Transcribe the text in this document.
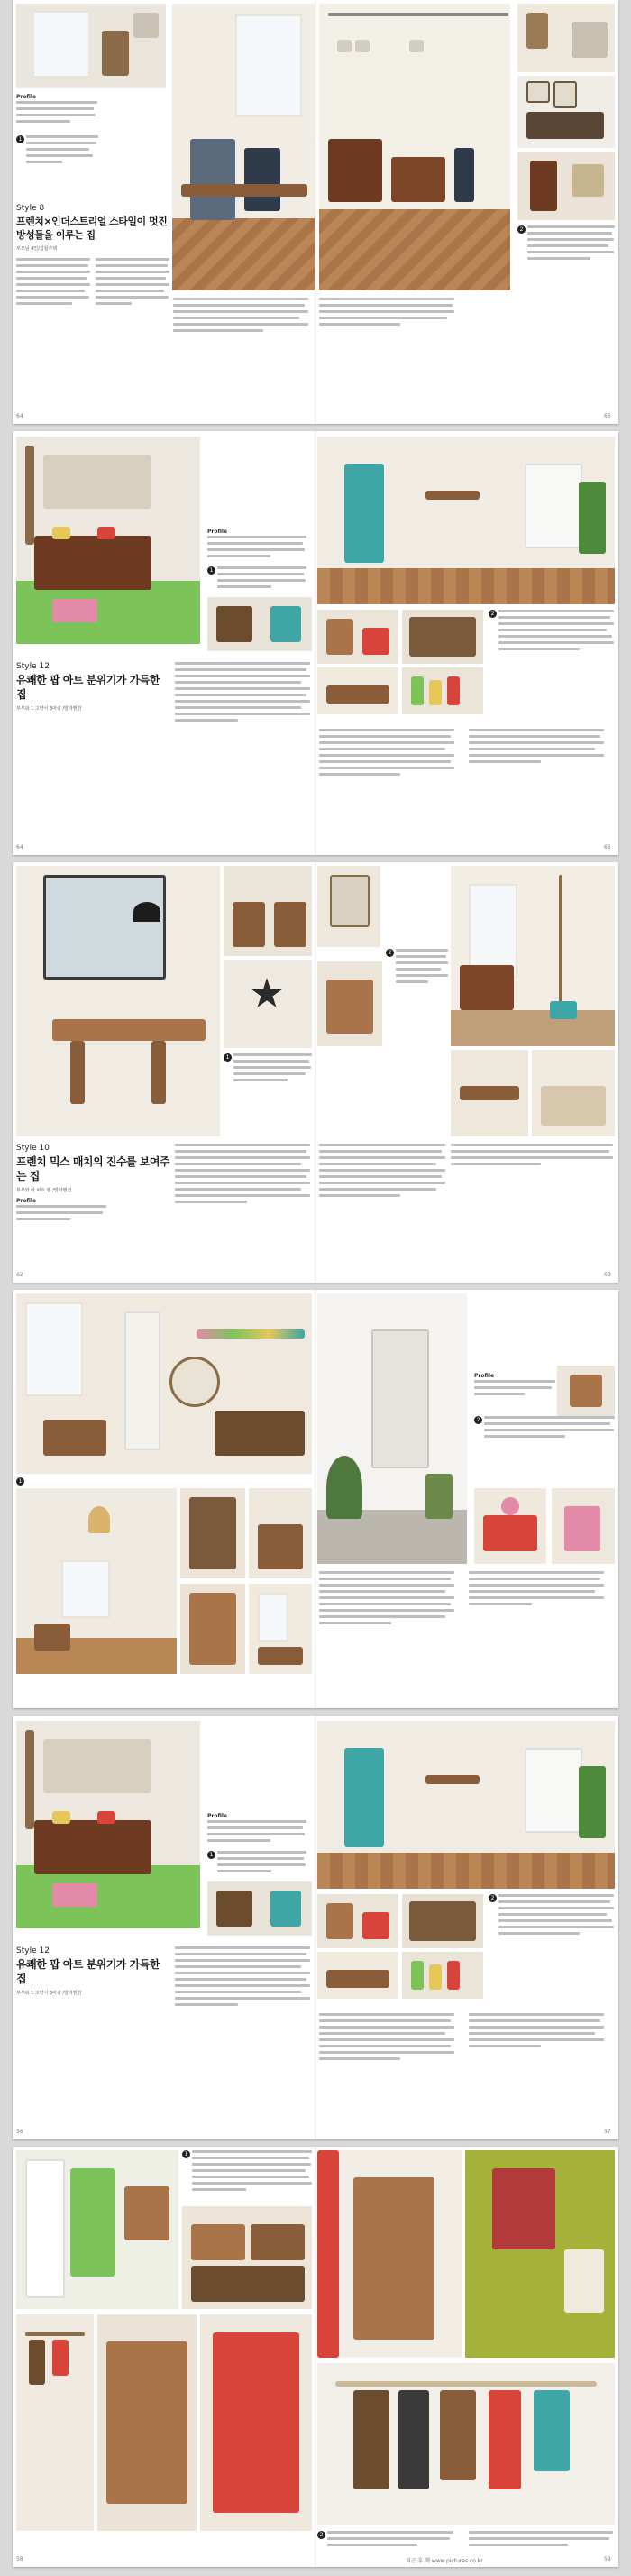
Profile
1
Style 8
프렌치×인더스트리얼 스타일이 멋진 방성들을 이루는 집
부모님 4인/집합주택
64
2
65
Profile
1
Style 12
유쾌한 팝 아트 분위기가 가득한 집
부부와 1 고양이 3마리 /빌라맨션
64
2
65
1
Style 10
프렌치 믹스 매치의 진수를 보여주는 집
부부와 아 파트 맨 /빌라맨션
Profile
62
2
63
1
Profile
2
Profile
1
Style 12
유쾌한 팝 아트 분위기가 가득한 집
부부와 1 고양이 3마리 /빌라맨션
56
2
57
1
58
2
퇴근 후 책 www.pictures.co.kr	59
